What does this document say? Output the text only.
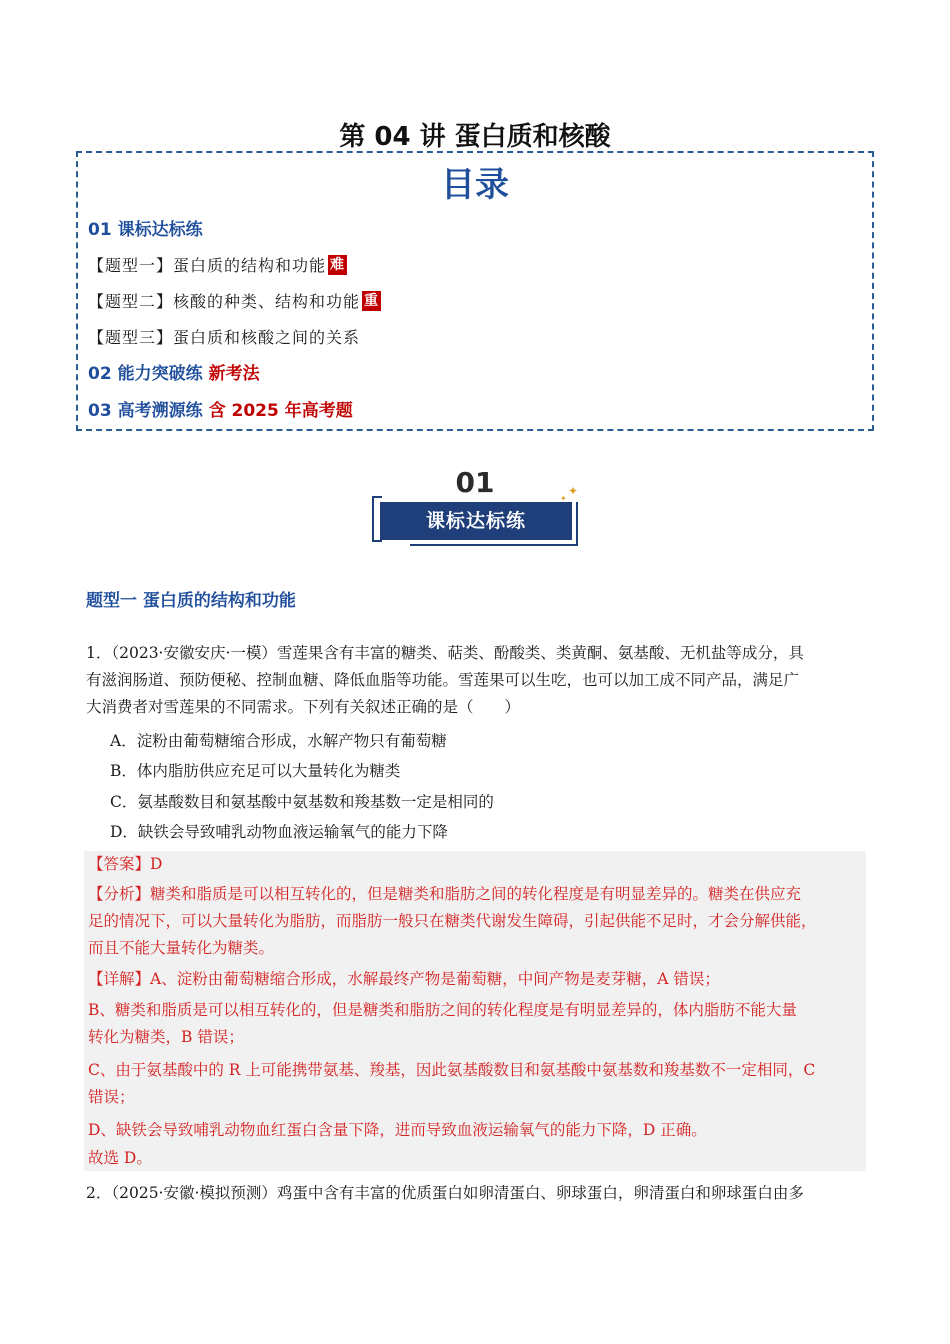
第 04 讲 蛋白质和核酸
目录
01 课标达标练
【题型一】蛋白质的结构和功能 难
【题型二】核酸的种类、结构和功能 重
【题型三】蛋白质和核酸之间的关系
02 能力突破练 新考法
03 高考溯源练 含 2025 年高考题
01
课标达标练
✦
✦
题型一 蛋白质的结构和功能
1．（2023·安徽安庆·一模）雪莲果含有丰富的糖类、萜类、酚酸类、类黄酮、氨基酸、无机盐等成分，具
有滋润肠道、预防便秘、控制血糖、降低血脂等功能。雪莲果可以生吃，也可以加工成不同产品，满足广
大消费者对雪莲果的不同需求。下列有关叙述正确的是（　　）
A．淀粉由葡萄糖缩合形成，水解产物只有葡萄糖
B．体内脂肪供应充足可以大量转化为糖类
C．氨基酸数目和氨基酸中氨基数和羧基数一定是相同的
D．缺铁会导致哺乳动物血液运输氧气的能力下降
【答案】D
【分析】糖类和脂质是可以相互转化的，但是糖类和脂肪之间的转化程度是有明显差异的。糖类在供应充
足的情况下，可以大量转化为脂肪，而脂肪一般只在糖类代谢发生障碍，引起供能不足时，才会分解供能，
而且不能大量转化为糖类。
【详解】A、淀粉由葡萄糖缩合形成，水解最终产物是葡萄糖，中间产物是麦芽糖，A 错误；
B、糖类和脂质是可以相互转化的，但是糖类和脂肪之间的转化程度是有明显差异的，体内脂肪不能大量
转化为糖类，B 错误；
C、由于氨基酸中的 R 上可能携带氨基、羧基，因此氨基酸数目和氨基酸中氨基数和羧基数不一定相同，C
错误；
D、缺铁会导致哺乳动物血红蛋白含量下降，进而导致血液运输氧气的能力下降，D 正确。
故选 D。
2．（2025·安徽·模拟预测）鸡蛋中含有丰富的优质蛋白如卵清蛋白、卵球蛋白，卵清蛋白和卵球蛋白由多
